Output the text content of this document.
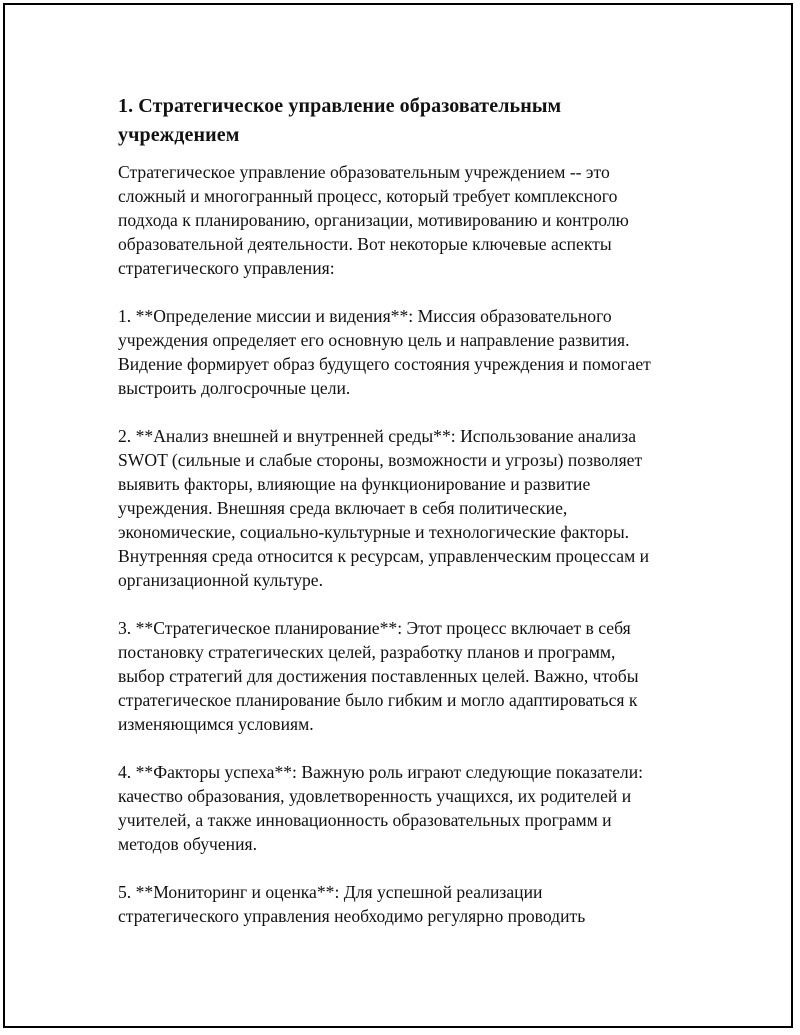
1. Стратегическое управление образовательным
учреждением

Стратегическое управление образовательным учреждением -- это
сложный и многогранный процесс, который требует комплексного
подхода к планированию, организации, мотивированию и контролю
образовательной деятельности. Вот некоторые ключевые аспекты
стратегического управления:

1. **Определение миссии и видения**: Миссия образовательного
учреждения определяет его основную цель и направление развития.
Видение формирует образ будущего состояния учреждения и помогает
выстроить долгосрочные цели.

2. **Анализ внешней и внутренней среды**: Использование анализа
SWOT (сильные и слабые стороны, возможности и угрозы) позволяет
выявить факторы, влияющие на функционирование и развитие
учреждения. Внешняя среда включает в себя политические,
экономические, социально-культурные и технологические факторы.
Внутренняя среда относится к ресурсам, управленческим процессам и
организационной культуре.

3. **Стратегическое планирование**: Этот процесс включает в себя
постановку стратегических целей, разработку планов и программ,
выбор стратегий для достижения поставленных целей. Важно, чтобы
стратегическое планирование было гибким и могло адаптироваться к
изменяющимся условиям.

4. **Факторы успеха**: Важную роль играют следующие показатели:
качество образования, удовлетворенность учащихся, их родителей и
учителей, а также инновационность образовательных программ и
методов обучения.

5. **Мониторинг и оценка**: Для успешной реализации
стратегического управления необходимо регулярно проводить
